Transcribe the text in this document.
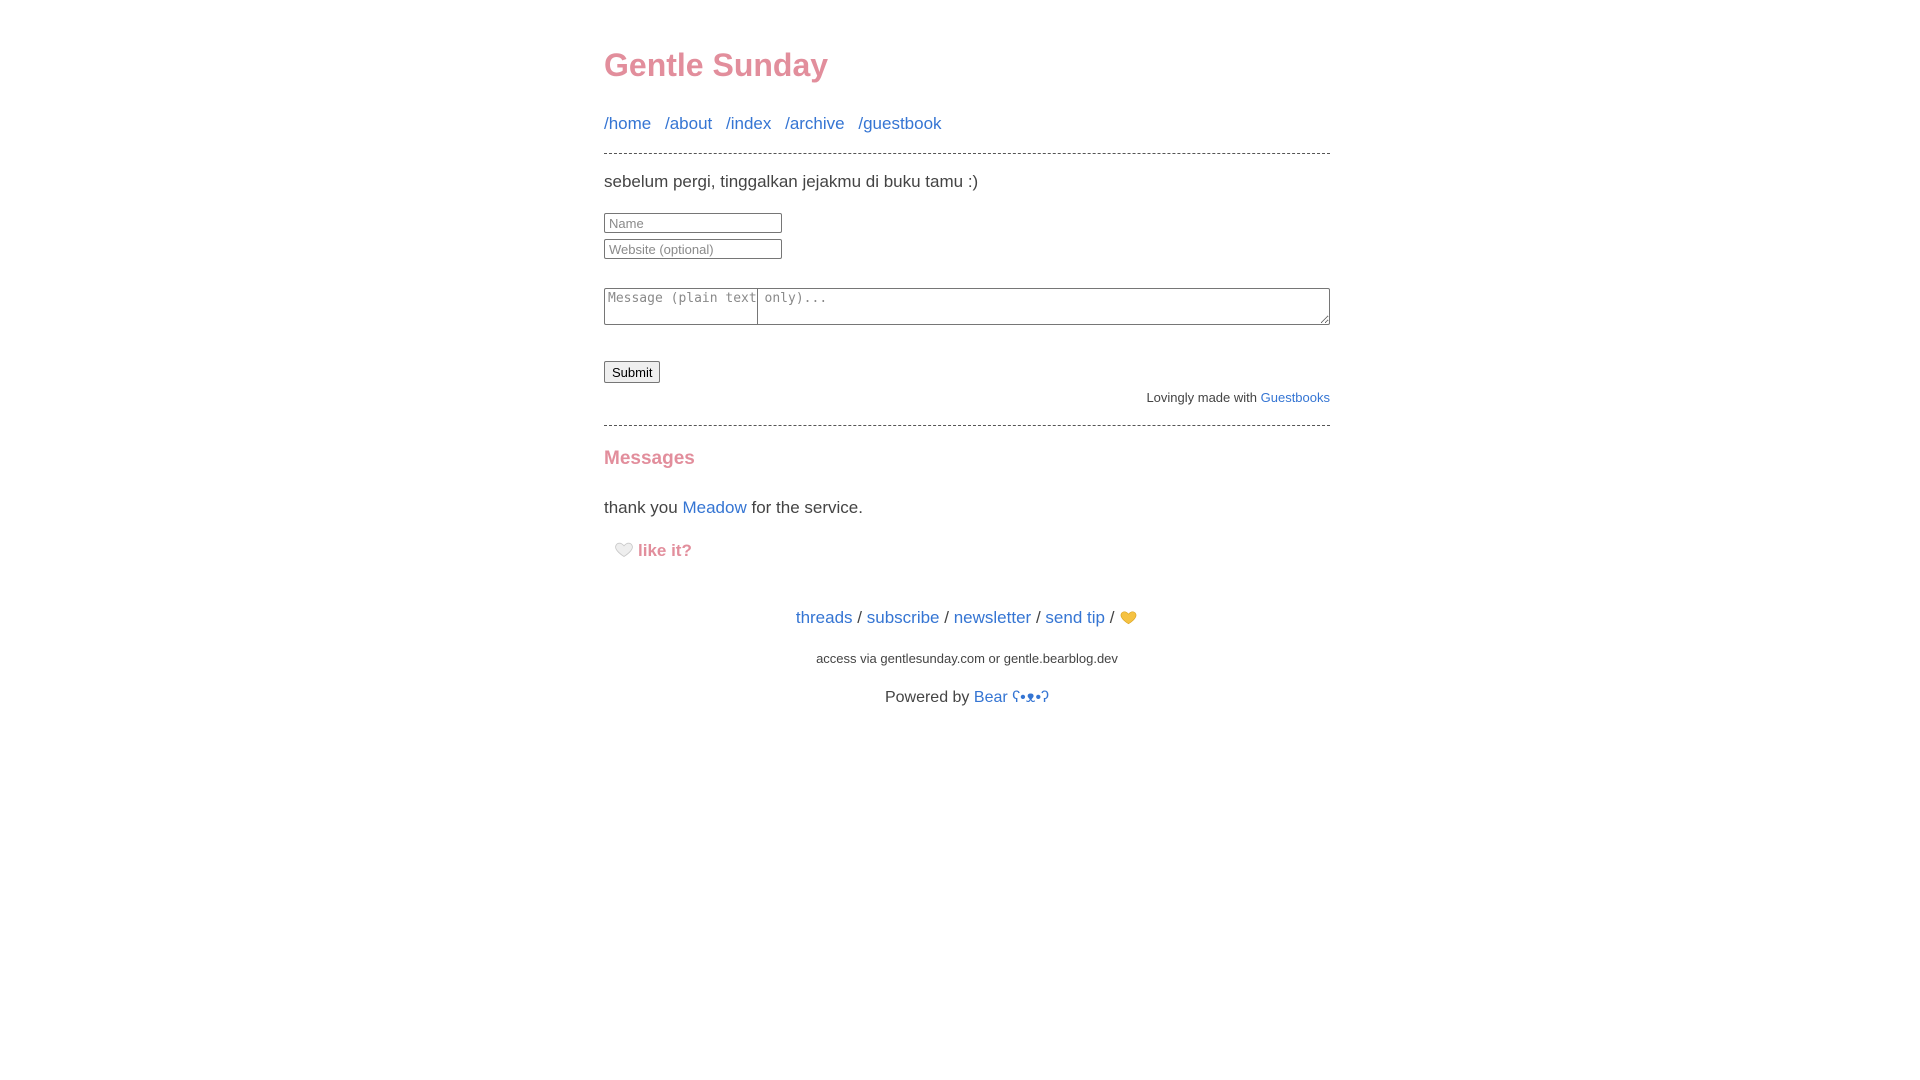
Gentle Sunday
/home /about /index /archive /guestbook

sebelum pergi, tinggalkan jejakmu di buku tamu :)

Name
Website (optional)
Message (plain text only)...
Submit
Lovingly made with Guestbooks
Messages

thank you Meadow for the service.

like it?
threads / subscribe / newsletter / send tip /
access via gentlesunday.com or gentle.bearblog.dev
Powered by Bear ʕ•ᴥ•ʔ
